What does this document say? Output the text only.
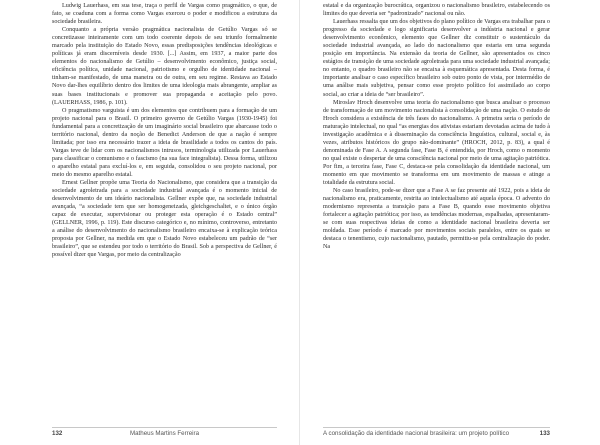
Ludwig Lauerhass, em sua tese, traça o perfil de Vargas como pragmático, o que, de fato, se coaduna com a forma como Vargas exerceu o poder e modificou a estrutura da sociedade brasileira.

Conquanto a própria versão pragmática nacionalista de Getúlio Vargas só se concretizasse inteiramente com um todo coerente depois de seu triunfo formalmente marcado pela instituição do Estado Novo, essas predisposições tendências ideológicas e políticas já eram discerníveis desde 1930. [...] Assim, em 1937, a maior parte dos elementos do nacionalismo de Getúlio – desenvolvimento econômico, justiça social, eficiência política, unidade nacional, patriotismo e orgulho de identidade nacional – tinham-se manifestado, de uma maneira ou de outra, em seu regime. Restava ao Estado Novo dar-lhes equilíbrio dentro dos limites de uma ideologia mais abrangente, ampliar as suas bases institucionais e promover sua propaganda e aceitação pelo povo. (LAUERHASS, 1986, p. 101).

O pragmatismo varguista é um dos elementos que contribuem para a formação de um projeto nacional para o Brasil. O primeiro governo de Getúlio Vargas (1930-1945) foi fundamental para a concretização de um imaginário social brasileiro que abarcasse todo o território nacional, dentro da noção de Benedict Anderson de que a nação é sempre limitada; por isso era necessário trazer a ideia de brasilidade a todos os cantos do país. Vargas teve de lidar com os nacionalismos intrusos, terminologia utilizada por Lauerhass para classificar o comunismo e o fascismo (na sua face integralista). Dessa forma, utilizou o aparelho estatal para excluí-los e, em seguida, consolidou o seu projeto nacional, por meio do mesmo aparelho estatal.

Ernest Gellner propõe uma Teoria do Nacionalismo, que considera que a transição da sociedade agroletrada para a sociedade industrial avançada é o momento inicial de desenvolvimento de um ideário nacionalista. Gellner expõe que, na sociedade industrial avançada, “a sociedade tem que ser homogeneizada, gleichgeschaltet, e o único órgão capaz de executar, supervisionar ou proteger esta operação é o Estado central” (GELLNER, 1996, p. 119). Este discurso categórico e, no mínimo, controverso, entretanto a análise do desenvolvimento do nacionalismo brasileiro encaixa-se à explicação teórica proposta por Gellner, na medida em que o Estado Novo estabeleceu um padrão de “ser brasileiro”, que se estendeu por todo o território do Brasil. Sob a perspectiva de Gellner, é possível dizer que Vargas, por meio da centralização

132	Matheus Martins Ferreira

estatal e da organização burocrática, organizou o nacionalismo brasileiro, estabelecendo os limites do que deveria ser “padronizado” nacional ou não.

Lauerhass ressalta que um dos objetivos do plano político de Vargas era trabalhar para o progresso da sociedade e logo significaria desenvolver a indústria nacional e gerar desenvolvimento econômico, elemento que Gellner diz constituir o sustentáculo da sociedade industrial avançada, ao lado do nacionalismo que estaria em uma segunda posição em importância. Na extensão da teoria de Gellner, são apresentados os cinco estágios de transição de uma sociedade agroletrada para uma sociedade industrial avançada; no entanto, o quadro brasileiro não se encaixa à esquemática apresentada. Desta forma, é importante analisar o caso específico brasileiro sob outro ponto de vista, por intermédio de uma análise mais subjetiva, pensar como esse projeto político foi assimilado ao corpo social, ao criar a ideia de “ser brasileiro”.

Miroslav Hroch desenvolve uma teoria do nacionalismo que busca analisar o processo de transformação de um movimento nacionalista à consolidação de uma nação. O estudo de Hroch considera a existência de três fases do nacionalismo. A primeira seria o período de maturação intelectual, no qual “as energias dos ativistas estariam devotadas acima de tudo à investigação acadêmica e à disseminação da consciência linguística, cultural, social e, às vezes, atributos históricos do grupo não-dominante” (HROCH, 2012, p. 83), a qual é denominada de Fase A. A segunda fase, Fase B, é entendida, por Hroch, como o momento no qual existe o despertar de uma consciência nacional por meio de uma agitação patriótica. Por fim, a terceira fase, Fase C, destaca-se pela consolidação da identidade nacional, um momento em que movimento se transforma em um movimento de massas e atinge a totalidade da estrutura social.

No caso brasileiro, pode-se dizer que a Fase A se faz presente até 1922, pois a ideia de nacionalismo era, praticamente, restrita ao intelectualismo até aquela época. O advento do modernismo representa a transição para a Fase B, quando esse movimento objetiva fortalecer a agitação patriótica; por isso, as tendências modernas, espalhadas, apresentaram-se com suas respectivas ideias de como a identidade nacional brasileira deveria ser moldada. Esse período é marcado por movimentos sociais paralelos, entre os quais se destaca o tenentismo, cujo nacionalismo, pautado, permitiu-se pela centralização do poder. Na

A consolidação da identidade nacional brasileira: um projeto político	133
